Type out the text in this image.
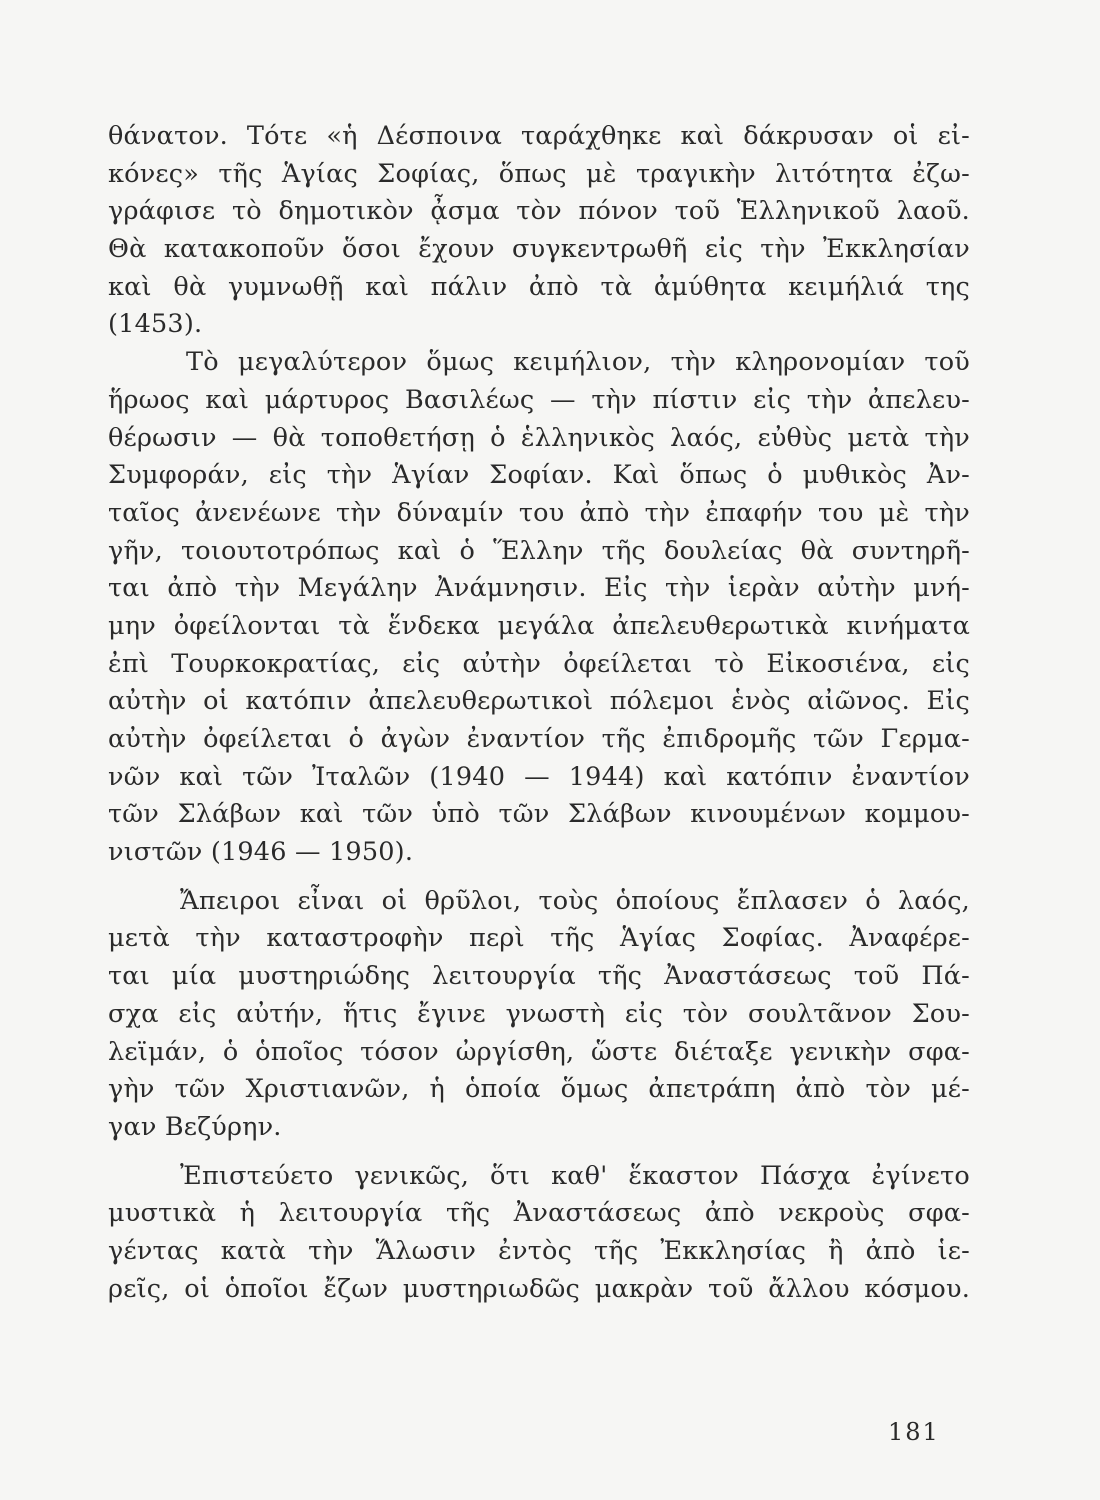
θάνατον. Τότε «ἡ Δέσποινα ταράχθηκε καὶ δάκρυσαν οἱ εἰ-
κόνες» τῆς Ἁγίας Σοφίας, ὅπως μὲ τραγικὴν λιτότητα ἐζω-
γράφισε τὸ δημοτικὸν ᾆσμα τὸν πόνον τοῦ Ἑλληνικοῦ λαοῦ.
Θὰ κατακοποῦν ὅσοι ἔχουν συγκεντρωθῆ εἰς τὴν Ἐκκλησίαν
καὶ θὰ γυμνωθῇ καὶ πάλιν ἀπὸ τὰ ἀμύθητα κειμήλιά της
(1453).
Τὸ μεγαλύτερον ὅμως κειμήλιον, τὴν κληρονομίαν τοῦ
ἥρωος καὶ μάρτυρος Βασιλέως — τὴν πίστιν εἰς τὴν ἀπελευ-
θέρωσιν — θὰ τοποθετήσῃ ὁ ἑλληνικὸς λαός, εὐθὺς μετὰ τὴν
Συμφοράν, εἰς τὴν Ἁγίαν Σοφίαν. Καὶ ὅπως ὁ μυθικὸς Ἀν-
ταῖος ἀνενέωνε τὴν δύναμίν του ἀπὸ τὴν ἐπαφήν του μὲ τὴν
γῆν, τοιουτοτρόπως καὶ ὁ Ἕλλην τῆς δουλείας θὰ συντηρῆ-
ται ἀπὸ τὴν Μεγάλην Ἀνάμνησιν. Εἰς τὴν ἱερὰν αὐτὴν μνή-
μην ὀφείλονται τὰ ἕνδεκα μεγάλα ἀπελευθερωτικὰ κινήματα
ἐπὶ Τουρκοκρατίας, εἰς αὐτὴν ὀφείλεται τὸ Εἰκοσιένα, εἰς
αὐτὴν οἱ κατόπιν ἀπελευθερωτικοὶ πόλεμοι ἑνὸς αἰῶνος. Εἰς
αὐτὴν ὀφείλεται ὁ ἀγὼν ἐναντίον τῆς ἐπιδρομῆς τῶν Γερμα-
νῶν καὶ τῶν Ἰταλῶν (1940 — 1944) καὶ κατόπιν ἐναντίον
τῶν Σλάβων καὶ τῶν ὑπὸ τῶν Σλάβων κινουμένων κομμου-
νιστῶν (1946 — 1950).
Ἄπειροι εἶναι οἱ θρῦλοι, τοὺς ὁποίους ἔπλασεν ὁ λαός,
μετὰ τὴν καταστροφὴν περὶ τῆς Ἁγίας Σοφίας. Ἀναφέρε-
ται μία μυστηριώδης λειτουργία τῆς Ἀναστάσεως τοῦ Πά-
σχα εἰς αὐτήν, ἥτις ἔγινε γνωστὴ εἰς τὸν σουλτᾶνον Σου-
λεϊμάν, ὁ ὁποῖος τόσον ὠργίσθη, ὥστε διέταξε γενικὴν σφα-
γὴν τῶν Χριστιανῶν, ἡ ὁποία ὅμως ἀπετράπη ἀπὸ τὸν μέ-
γαν Βεζύρην.
Ἐπιστεύετο γενικῶς, ὅτι καθ' ἕκαστον Πάσχα ἐγίνετο
μυστικὰ ἡ λειτουργία τῆς Ἀναστάσεως ἀπὸ νεκροὺς σφα-
γέντας κατὰ τὴν Ἅλωσιν ἐντὸς τῆς Ἐκκλησίας ἢ ἀπὸ ἱε-
ρεῖς, οἱ ὁποῖοι ἔζων μυστηριωδῶς μακρὰν τοῦ ἄλλου κόσμου.
181
